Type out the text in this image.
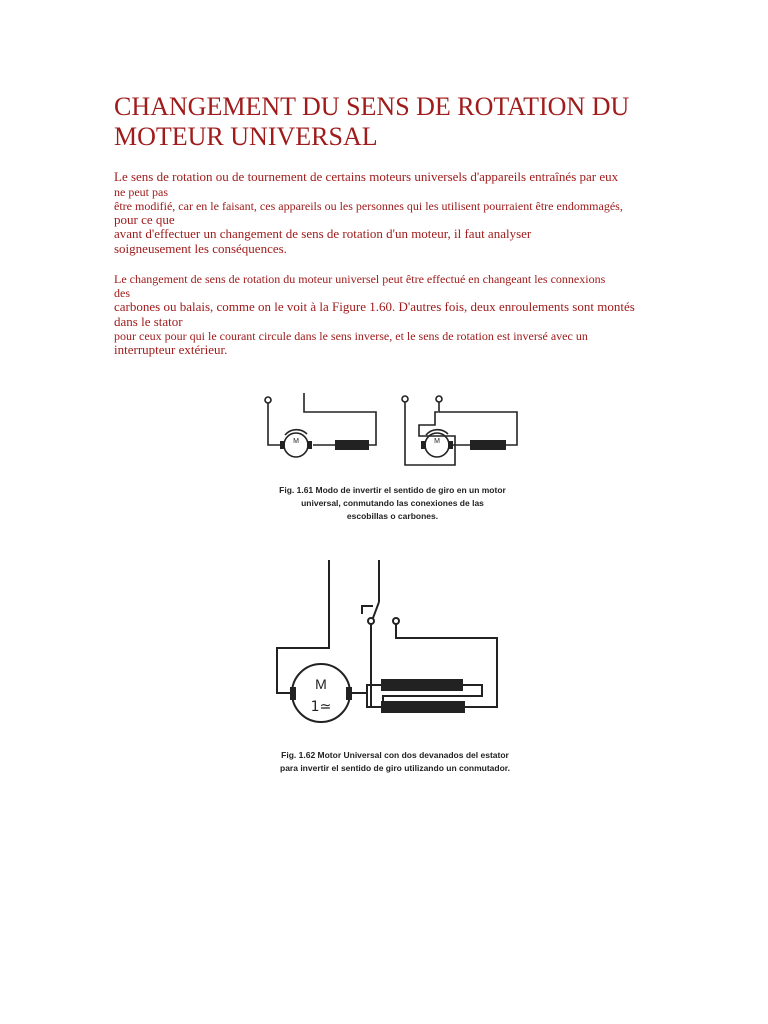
CHANGEMENT DU SENS DE ROTATION DU MOTEUR UNIVERSAL
Le sens de rotation ou de tournement de certains moteurs universels d'appareils entraînés par eux
ne peut pas
être modifié, car en le faisant, ces appareils ou les personnes qui les utilisent pourraient être endommagés,
pour ce que
avant d'effectuer un changement de sens de rotation d'un moteur, il faut analyser
soigneusement les conséquences.
Le changement de sens de rotation du moteur universel peut être effectué en changeant les connexions
des
carbones ou balais, comme on le voit à la Figure 1.60. D'autres fois, deux enroulements sont montés
dans le stator
pour ceux pour qui le courant circule dans le sens inverse, et le sens de rotation est inversé avec un
interrupteur extérieur.
M	M
Fig. 1.61 Modo de invertir el sentido de giro en un motor
universal, conmutando las conexiones de las
escobillas o carbones.
M
1≃
Fig. 1.62 Motor Universal con dos devanados del estator
para invertir el sentido de giro utilizando un conmutador.
